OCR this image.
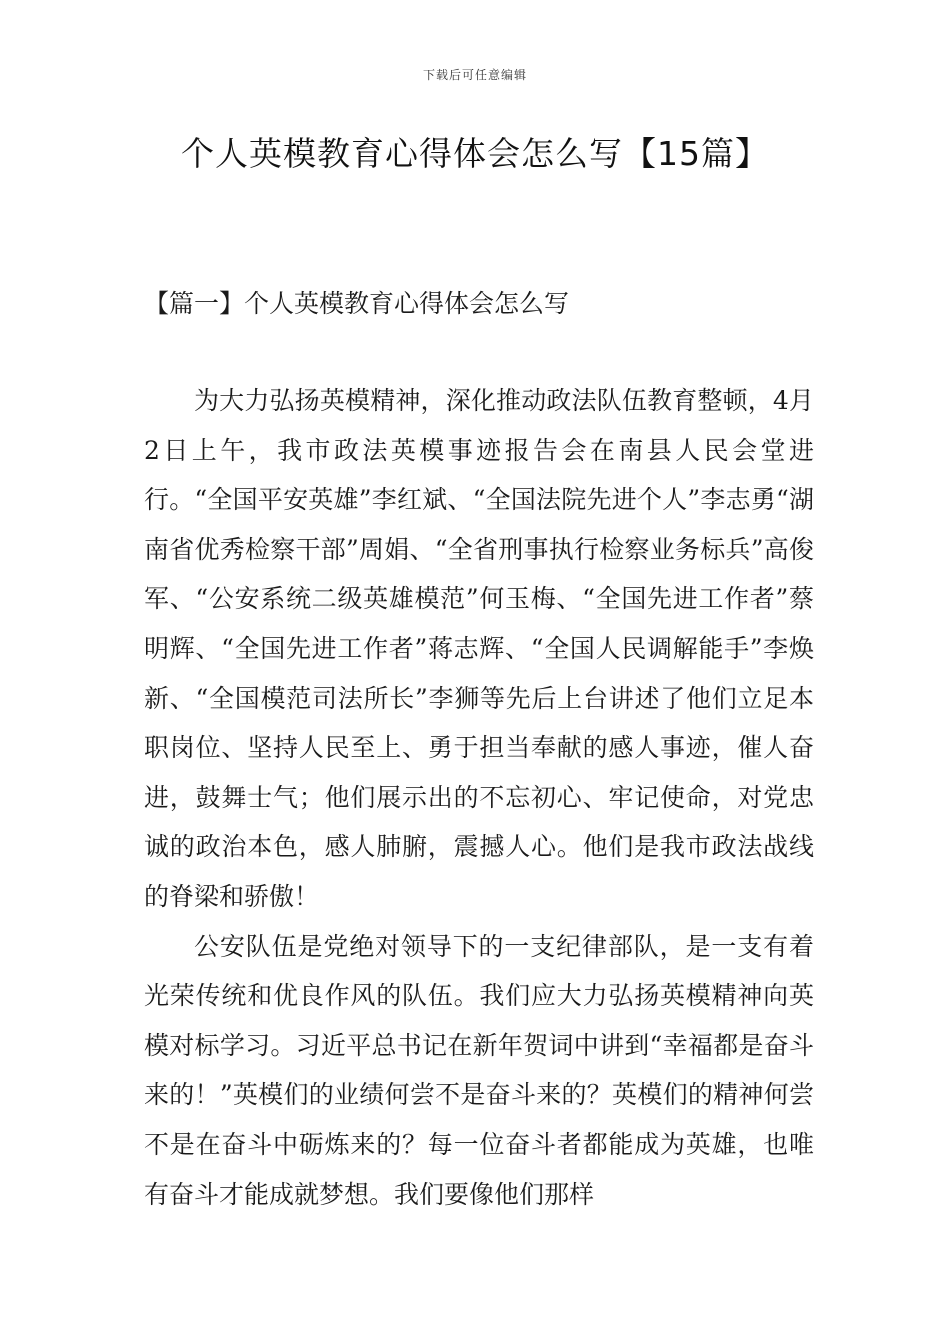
下载后可任意编辑
个人英模教育心得体会怎么写【15篇】
【篇一】个人英模教育心得体会怎么写

为大力弘扬英模精神，深化推动政法队伍教育整顿，4月2日上午，我市政法英模事迹报告会在南县人民会堂进行。“全国平安英雄”李红斌、“全国法院先进个人”李志勇“湖南省优秀检察干部”周娟、“全省刑事执行检察业务标兵”高俊军、“公安系统二级英雄模范”何玉梅、“全国先进工作者”蔡明辉、“全国先进工作者”蒋志辉、“全国人民调解能手”李焕新、“全国模范司法所长”李狮等先后上台讲述了他们立足本职岗位、坚持人民至上、勇于担当奉献的感人事迹，催人奋进，鼓舞士气；他们展示出的不忘初心、牢记使命，对党忠诚的政治本色，感人肺腑，震撼人心。他们是我市政法战线的脊梁和骄傲！

公安队伍是党绝对领导下的一支纪律部队，是一支有着光荣传统和优良作风的队伍。我们应大力弘扬英模精神向英模对标学习。习近平总书记在新年贺词中讲到“幸福都是奋斗来的！”英模们的业绩何尝不是奋斗来的？英模们的精神何尝不是在奋斗中砺炼来的？每一位奋斗者都能成为英雄，也唯有奋斗才能成就梦想。我们要像他们那样
